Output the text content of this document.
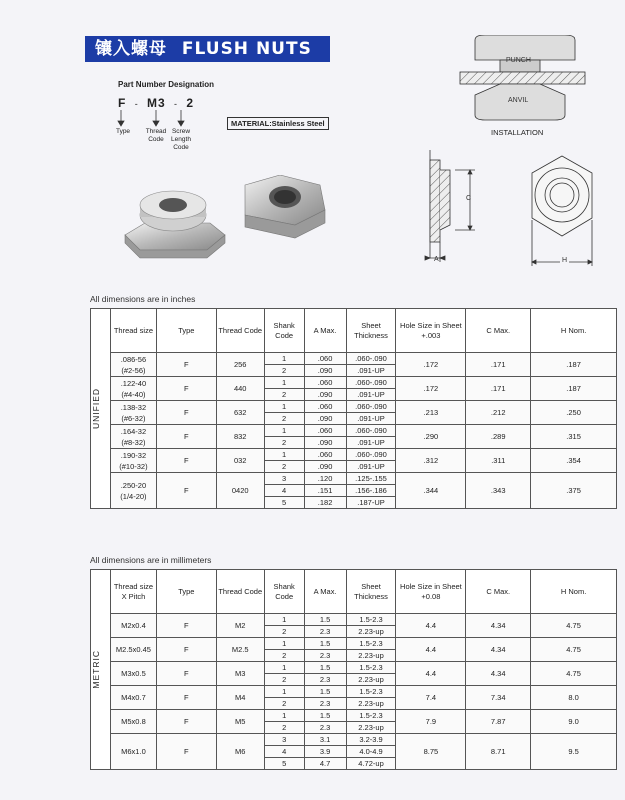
镶入螺母 FLUSH NUTS
Part Number Designation
F - M3 - 2
Type	Thread
Code
Screw
Length
Code
MATERIAL:Stainless Steel
PUNCH
ANVIL
INSTALLATION
C
A	H
All dimensions are in inches
UNIFIED	Thread size	Type	Thread Code	Shank Code	A Max.	Sheet Thickness	Hole Size in Sheet +.003	C Max.	H Nom.

	.086-56
(#2-56)	F	256	1	.060	.060-.090	.172	.171	.187
				2	.090	.091-UP			

	.122-40
(#4-40)	F	440	1	.060	.060-.090	.172	.171	.187
				2	.090	.091-UP			

	.138-32
(#6-32)	F	632	1	.060	.060-.090	.213	.212	.250
				2	.090	.091-UP			

	.164-32
(#8-32)	F	832	1	.060	.060-.090	.290	.289	.315
				2	.090	.091-UP			

	.190-32
(#10-32)	F	032	1	.060	.060-.090	.312	.311	.354
				2	.090	.091-UP			

	.250-20
(1/4-20)	F	0420	3	.120	.125-.155	.344	.343	.375
				4	.151	.156-.186			
				5	.182	.187-UP			
All dimensions are in millimeters
METRIC	Thread size X Pitch	Type	Thread Code	Shank Code	A Max.	Sheet Thickness	Hole Size in Sheet +0.08	C Max.	H Nom.

	M2x0.4	F	M2	1	1.5	1.5-2.3	4.4	4.34	4.75
				2	2.3	2.23-up			

	M2.5x0.45	F	M2.5	1	1.5	1.5-2.3	4.4	4.34	4.75
				2	2.3	2.23-up			

	M3x0.5	F	M3	1	1.5	1.5-2.3	4.4	4.34	4.75
				2	2.3	2.23-up			

	M4x0.7	F	M4	1	1.5	1.5-2.3	7.4	7.34	8.0
				2	2.3	2.23-up			

	M5x0.8	F	M5	1	1.5	1.5-2.3	7.9	7.87	9.0
				2	2.3	2.23-up			

	M6x1.0	F	M6	3	3.1	3.2-3.9	8.75	8.71	9.5
				4	3.9	4.0-4.9			
				5	4.7	4.72-up			
